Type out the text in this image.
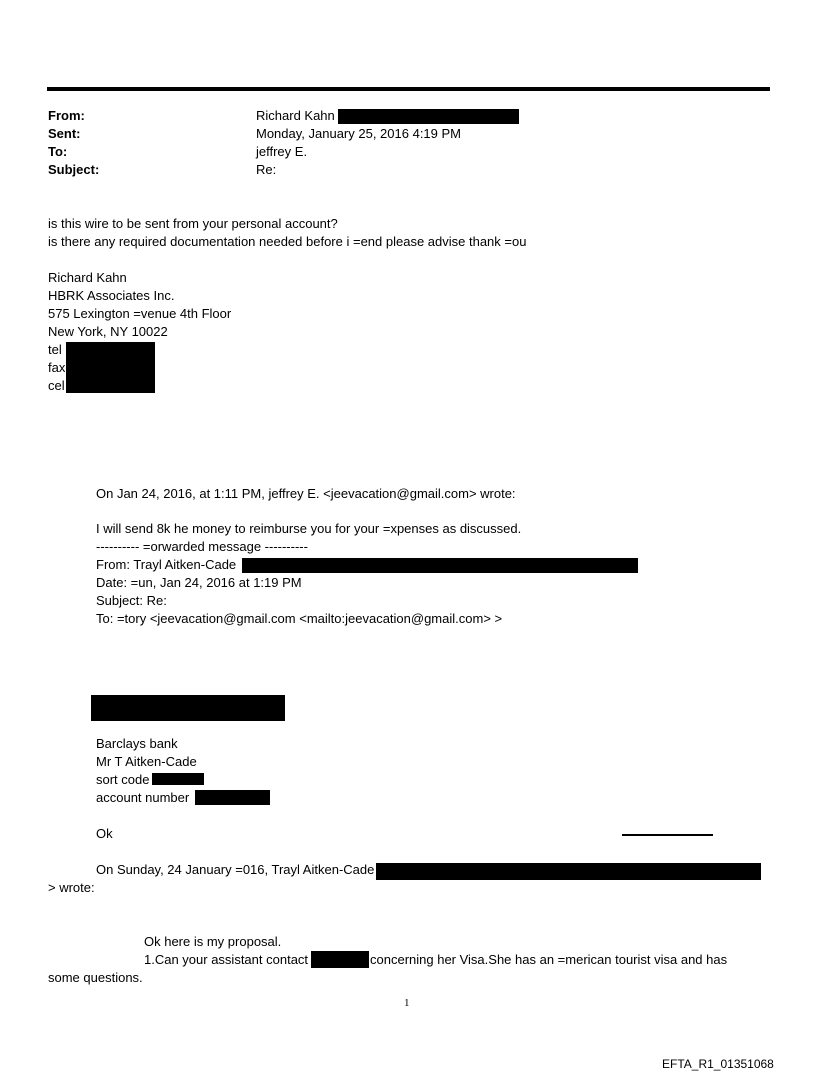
From:	Richard Kahn
Sent:	Monday, January 25, 2016 4:19 PM
To:	jeffrey E.
Subject:	Re:
is this wire to be sent from your personal account?
is there any required documentation needed before i =end please advise thank =ou
Richard Kahn
HBRK Associates Inc.
575 Lexington =venue 4th Floor
New York, NY 10022
tel
fax
cel
On Jan 24, 2016, at 1:11 PM, jeffrey E. <jeevacation@gmail.com> wrote:
I will send 8k he money to reimburse you for your =xpenses as discussed.
---------- =orwarded message ----------
From: Trayl Aitken-Cade
Date: =un, Jan 24, 2016 at 1:19 PM
Subject: Re:
To: =tory <jeevacation@gmail.com <mailto:jeevacation@gmail.com> >
Barclays bank
Mr T Aitken-Cade
sort code
account number
Ok
On Sunday, 24 January =016, Trayl Aitken-Cade
> wrote:
Ok here is my proposal.
1.Can your assistant contact	concerning her Visa.She has an =merican tourist visa and has
some questions.
1
EFTA_R1_01351068
